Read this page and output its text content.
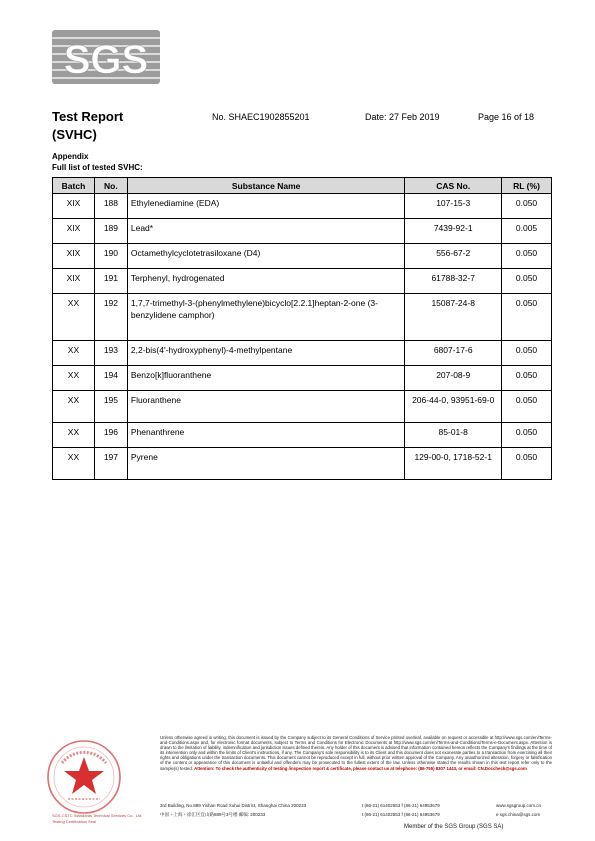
SGS
Test Report
(SVHC)
No. SHAEC1902855201	Date: 27 Feb 2019	Page 16 of 18
Appendix
Full list of tested SVHC:
Batch	No.	Substance Name	CAS No.	RL (%)
XIX	188	Ethylenediamine (EDA)	107-15-3	0.050
XIX	189	Lead*	7439-92-1	0.005
XIX	190	Octamethylcyclotetrasiloxane (D4)	556-67-2	0.050
XIX	191	Terphenyl, hydrogenated	61788-32-7	0.050
XX	192	1,7,7-trimethyl-3-(phenylmethylene)bicyclo[2.2.1]heptan-2-one (3-benzylidene camphor)	15087-24-8	0.050
XX	193	2,2-bis(4'-hydroxyphenyl)-4-methylpentane	6807-17-6	0.050
XX	194	Benzo[k]fluoranthene	207-08-9	0.050
XX	195	Fluoranthene	206-44-0, 93951-69-0	0.050
XX	196	Phenanthrene	85-01-8	0.050
XX	197	Pyrene	129-00-0, 1718-52-1	0.050
SGS-CSTC Standards Technical Services Co., Ltd.
Testing Certification Seal
Unless otherwise agreed in writing, this document is issued by the Company subject to its General Conditions of Service printed overleaf, available on request or accessible at http://www.sgs.com/en/Terms-and-Conditions.aspx and, for electronic format documents, subject to Terms and Conditions for Electronic Documents at http://www.sgs.com/en/Terms-and-Conditions/Terms-e-Document.aspx. Attention is drawn to the limitation of liability, indemnification and jurisdiction issues defined therein. Any holder of this document is advised that information contained hereon reflects the Company's findings at the time of its intervention only and within the limits of Client's instructions, if any. The Company's sole responsibility is to its Client and this document does not exonerate parties to a transaction from exercising all their rights and obligations under the transaction documents. This document cannot be reproduced except in full, without prior written approval of the Company. Any unauthorized alteration, forgery or falsification of the content or appearance of this document is unlawful and offenders may be prosecuted to the fullest extent of the law. Unless otherwise stated the results shown in this test report refer only to the sample(s) tested. Attention: To check the authenticity of testing /inspection report & certificate, please contact us at telephone: (86-755) 8307 1443, or email: CN.Doccheck@sgs.com
3rd Building, No.889 Yishan Road Xuhui District, Shanghai China 200233	t (86-21) 61402553 f (86-21) 64953679	www.sgsgroup.com.cn
中国・上海・徐汇区宜山路889号3号楼 邮编: 200233	t (86-21) 61402553 f (86-21) 64953679	e sgs.china@sgs.com
Member of the SGS Group (SGS SA)
